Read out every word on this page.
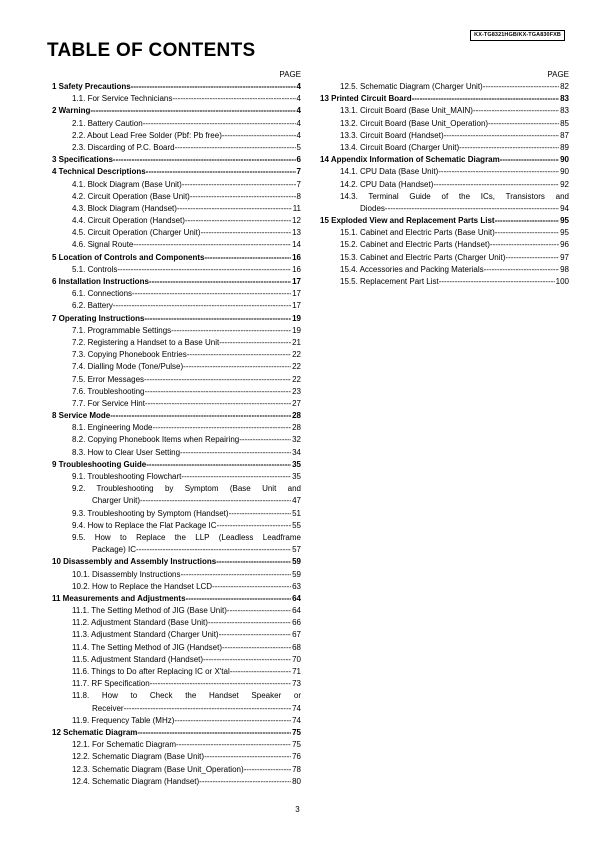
KX-TG8321HGB/KX-TGA830FXB
TABLE OF CONTENTS
PAGE
1 Safety Precautions -----	4
1.1. For Service Technicians -----	4
2 Warning -----	4
2.1. Battery Caution -----	4
2.2. About Lead Free Solder (Pbf: Pb free) -----	4
2.3. Discarding of P.C. Board -----	5
3 Specifications -----	6
4 Technical Descriptions -----	7
4.1. Block Diagram (Base Unit) -----	7
4.2. Circuit Operation (Base Unit) -----	8
4.3. Block Diagram (Handset) -----	11
4.4. Circuit Operation (Handset) -----	12
4.5. Circuit Operation (Charger Unit) -----	13
4.6. Signal Route -----	14
5 Location of Controls and Components -----	16
5.1. Controls -----	16
6 Installation Instructions -----	17
6.1. Connections -----	17
6.2. Battery -----	17
7 Operating Instructions -----	19
7.1. Programmable Settings -----	19
7.2. Registering a Handset to a Base Unit -----	21
7.3. Copying Phonebook Entries -----	22
7.4. Dialling Mode (Tone/Pulse) -----	22
7.5. Error Messages -----	22
7.6. Troubleshooting -----	23
7.7. For Service Hint -----	27
8 Service Mode -----	28
8.1. Engineering Mode -----	28
8.2. Copying Phonebook Items when Repairing -----	32
8.3. How to Clear User Setting -----	34
9 Troubleshooting Guide -----	35
9.1. Troubleshooting Flowchart -----	35
9.2. Troubleshooting by Symptom (Base Unit and
Charger Unit) -----	47
9.3. Troubleshooting by Symptom (Handset) -----	51
9.4. How to Replace the Flat Package IC -----	55
9.5. How to Replace the LLP (Leadless Leadframe
Package) IC -----	57
10 Disassembly and Assembly Instructions -----	59
10.1. Disassembly Instructions -----	59
10.2. How to Replace the Handset LCD -----	63
11 Measurements and Adjustments -----	64
11.1. The Setting Method of JIG (Base Unit) -----	64
11.2. Adjustment Standard (Base Unit) -----	66
11.3. Adjustment Standard (Charger Unit) -----	67
11.4. The Setting Method of JIG (Handset) -----	68
11.5. Adjustment Standard (Handset) -----	70
11.6. Things to Do after Replacing IC or X'tal -----	71
11.7. RF Specification -----	73
11.8. How to Check the Handset Speaker or
Receiver -----	74
11.9. Frequency Table (MHz) -----	74
12 Schematic Diagram -----	75
12.1. For Schematic Diagram -----	75
12.2. Schematic Diagram (Base Unit) -----	76
12.3. Schematic Diagram (Base Unit_Operation) -----	78
12.4. Schematic Diagram (Handset) -----	80
PAGE
12.5. Schematic Diagram (Charger Unit) -----	82
13 Printed Circuit Board -----	83
13.1. Circuit Board (Base Unit_MAIN) -----	83
13.2. Circuit Board (Base Unit_Operation) -----	85
13.3. Circuit Board (Handset) -----	87
13.4. Circuit Board (Charger Unit) -----	89
14 Appendix Information of Schematic Diagram -----	90
14.1. CPU Data (Base Unit) -----	90
14.2. CPU Data (Handset) -----	92
14.3. Terminal Guide of the ICs, Transistors and
Diodes -----	94
15 Exploded View and Replacement Parts List -----	95
15.1. Cabinet and Electric Parts (Base Unit) -----	95
15.2. Cabinet and Electric Parts (Handset) -----	96
15.3. Cabinet and Electric Parts (Charger Unit) -----	97
15.4. Accessories and Packing Materials -----	98
15.5. Replacement Part List -----	100
3
